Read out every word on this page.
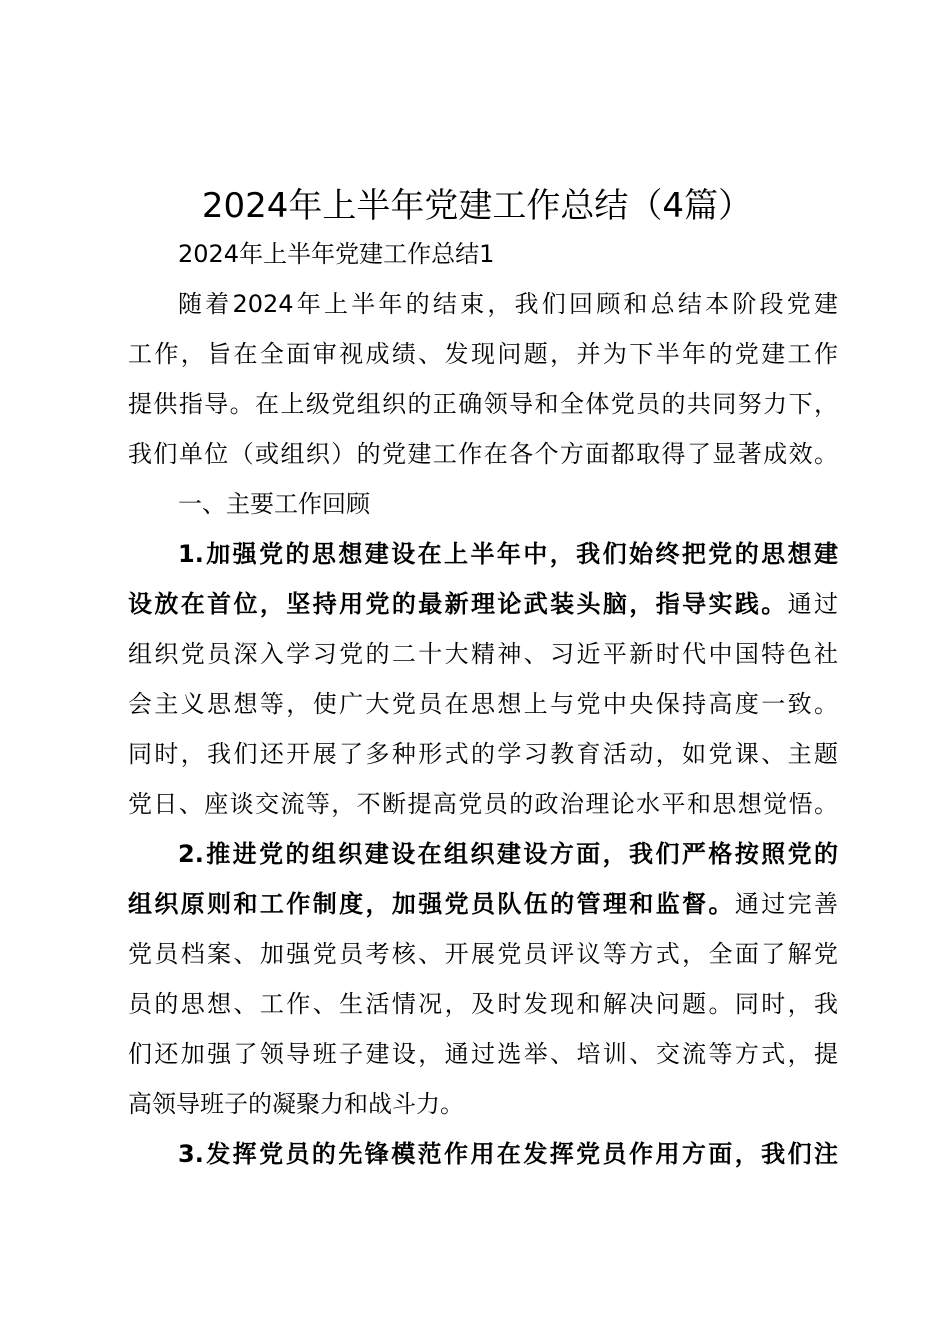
2024年上半年党建工作总结（4篇）
2024年上半年党建工作总结1
随着2024年上半年的结束，我们回顾和总结本阶段党建
工作，旨在全面审视成绩、发现问题，并为下半年的党建工作
提供指导。在上级党组织的正确领导和全体党员的共同努力下，
我们单位（或组织）的党建工作在各个方面都取得了显著成效。
一、主要工作回顾
1.加强党的思想建设在上半年中，我们始终把党的思想建
设放在首位，坚持用党的最新理论武装头脑，指导实践。通过
组织党员深入学习党的二十大精神、习近平新时代中国特色社
会主义思想等，使广大党员在思想上与党中央保持高度一致。
同时，我们还开展了多种形式的学习教育活动，如党课、主题
党日、座谈交流等，不断提高党员的政治理论水平和思想觉悟。
2.推进党的组织建设在组织建设方面，我们严格按照党的
组织原则和工作制度，加强党员队伍的管理和监督。通过完善
党员档案、加强党员考核、开展党员评议等方式，全面了解党
员的思想、工作、生活情况，及时发现和解决问题。同时，我
们还加强了领导班子建设，通过选举、培训、交流等方式，提
高领导班子的凝聚力和战斗力。
3.发挥党员的先锋模范作用在发挥党员作用方面，我们注
